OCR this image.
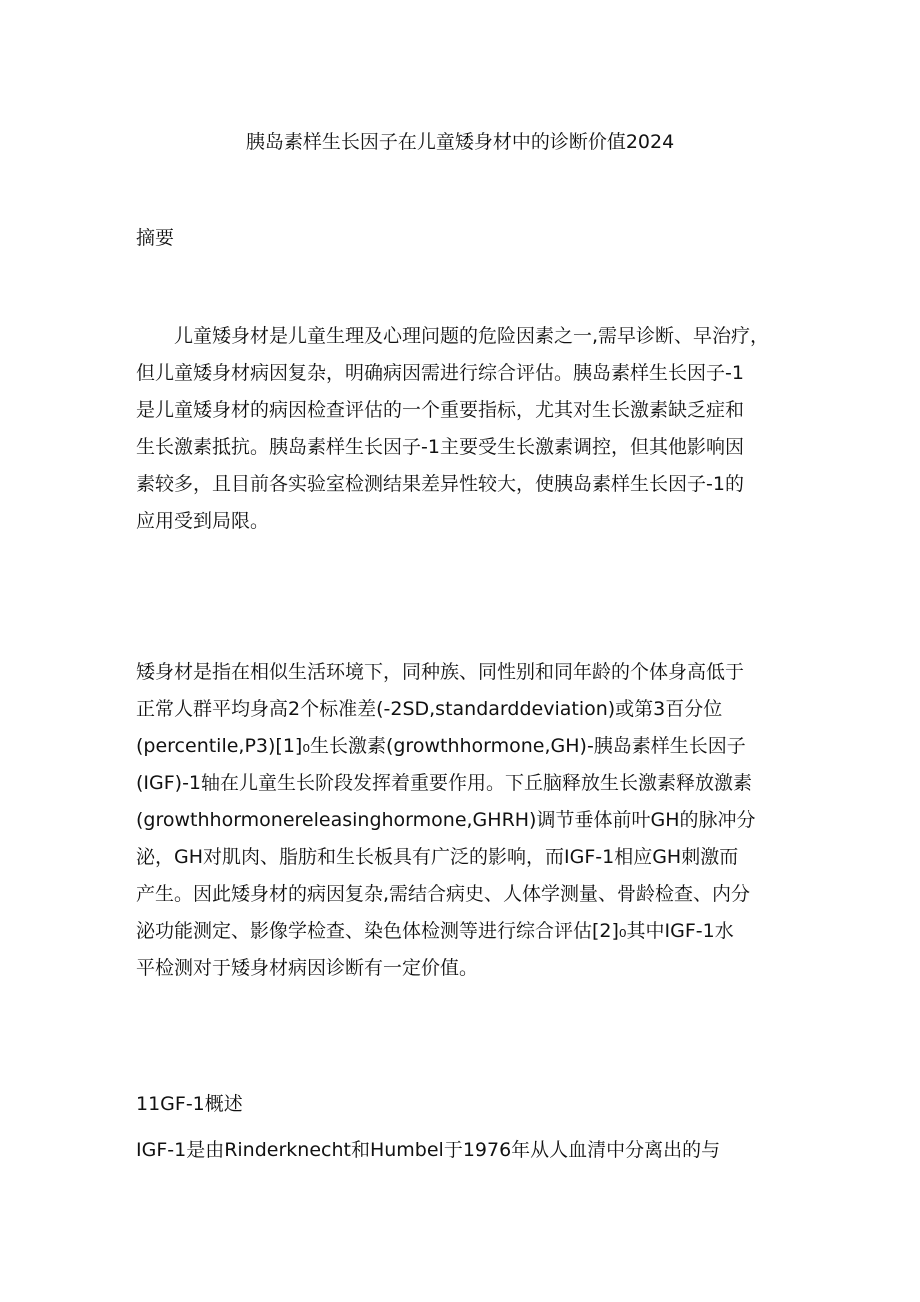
胰岛素样生长因子在儿童矮身材中的诊断价值2024
摘要
儿童矮身材是儿童生理及心理问题的危险因素之一,需早诊断、早治疗，
但儿童矮身材病因复杂，明确病因需进行综合评估。胰岛素样生长因子-1
是儿童矮身材的病因检查评估的一个重要指标，尤其对生长激素缺乏症和
生长激素抵抗。胰岛素样生长因子-1主要受生长激素调控，但其他影响因
素较多，且目前各实验室检测结果差异性较大，使胰岛素样生长因子-1的
应用受到局限。
矮身材是指在相似生活环境下，同种族、同性别和同年龄的个体身高低于
正常人群平均身高2个标准差(-2SD,standarddeviation)或第3百分位
(percentile,P3)[1]₀生长激素(growthhormone,GH)-胰岛素样生长因子
(IGF)-1轴在儿童生长阶段发挥着重要作用。下丘脑释放生长激素释放激素
(growthhormonereleasinghormone,GHRH)调节垂体前叶GH的脉冲分
泌，GH对肌肉、脂肪和生长板具有广泛的影响，而IGF-1相应GH刺激而
产生。因此矮身材的病因复杂,需结合病史、人体学测量、骨龄检查、内分
泌功能测定、影像学检查、染色体检测等进行综合评估[2]₀其中IGF-1水
平检测对于矮身材病因诊断有一定价值。
11GF-1概述
IGF-1是由Rinderknecht和Humbel于1976年从人血清中分离出的与
